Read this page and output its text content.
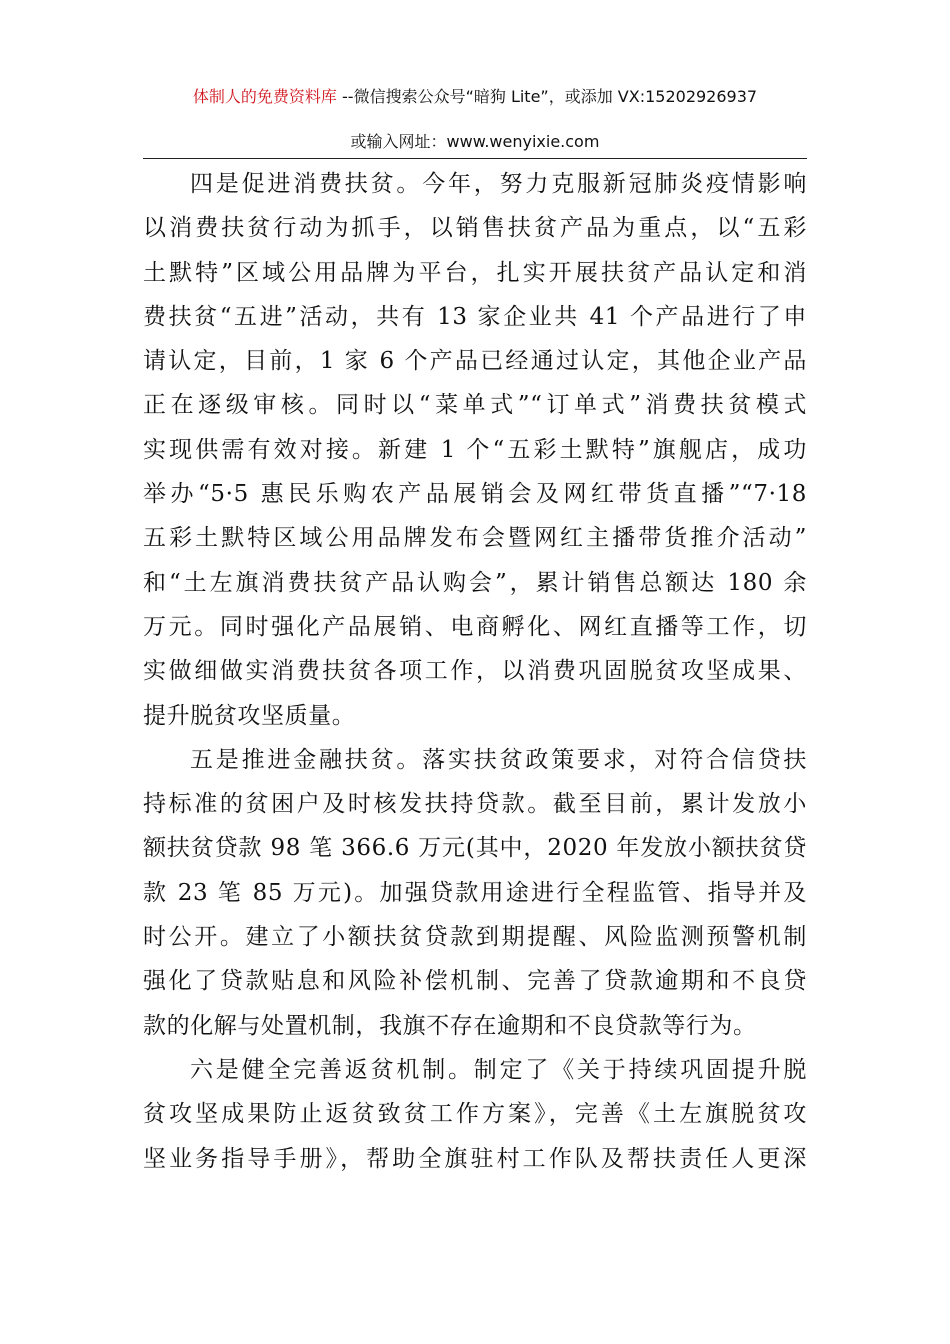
体制人的免费资料库 --微信搜索公众号“暗狗 Lite”，或添加 VX:15202926937
或输入网址：www.wenyixie.com
四是促进消费扶贫。今年，努力克服新冠肺炎疫情影响
以消费扶贫行动为抓手，以销售扶贫产品为重点，以“五彩
土默特”区域公用品牌为平台，扎实开展扶贫产品认定和消
费扶贫“五进”活动，共有 13 家企业共 41 个产品进行了申
请认定，目前，1 家 6 个产品已经通过认定，其他企业产品
正在逐级审核。同时以“菜单式”“订单式”消费扶贫模式
实现供需有效对接。新建 1 个“五彩土默特”旗舰店，成功
举办“5·5 惠民乐购农产品展销会及网红带货直播”“7·18
五彩土默特区域公用品牌发布会暨网红主播带货推介活动”
和“土左旗消费扶贫产品认购会”，累计销售总额达 180 余
万元。同时强化产品展销、电商孵化、网红直播等工作，切
实做细做实消费扶贫各项工作，以消费巩固脱贫攻坚成果、
提升脱贫攻坚质量。
五是推进金融扶贫。落实扶贫政策要求，对符合信贷扶
持标准的贫困户及时核发扶持贷款。截至目前，累计发放小
额扶贫贷款 98 笔 366.6 万元(其中，2020 年发放小额扶贫贷
款 23 笔 85 万元)。加强贷款用途进行全程监管、指导并及
时公开。建立了小额扶贫贷款到期提醒、风险监测预警机制
强化了贷款贴息和风险补偿机制、完善了贷款逾期和不良贷
款的化解与处置机制，我旗不存在逾期和不良贷款等行为。
六是健全完善返贫机制。制定了《关于持续巩固提升脱
贫攻坚成果防止返贫致贫工作方案》，完善《土左旗脱贫攻
坚业务指导手册》，帮助全旗驻村工作队及帮扶责任人更深
